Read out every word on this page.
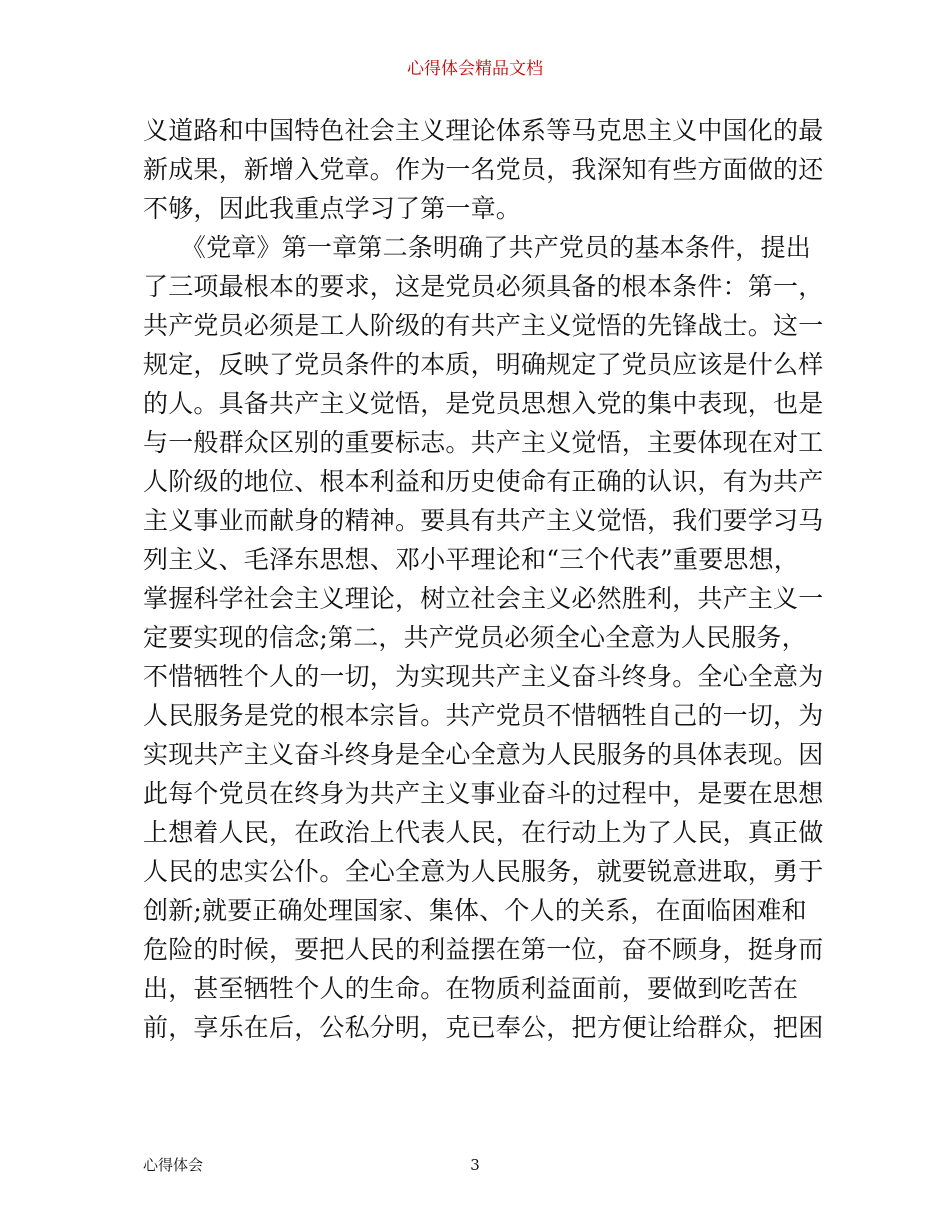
心得体会精品文档
义道路和中国特色社会主义理论体系等马克思主义中国化的最
新成果，新增入党章。作为一名党员，我深知有些方面做的还
不够，因此我重点学习了第一章。
　　《党章》第一章第二条明确了共产党员的基本条件，提出
了三项最根本的要求，这是党员必须具备的根本条件：第一，
共产党员必须是工人阶级的有共产主义觉悟的先锋战士。这一
规定，反映了党员条件的本质，明确规定了党员应该是什么样
的人。具备共产主义觉悟，是党员思想入党的集中表现，也是
与一般群众区别的重要标志。共产主义觉悟，主要体现在对工
人阶级的地位、根本利益和历史使命有正确的认识，有为共产
主义事业而献身的精神。要具有共产主义觉悟，我们要学习马
列主义、毛泽东思想、邓小平理论和“三个代表”重要思想，
掌握科学社会主义理论，树立社会主义必然胜利，共产主义一
定要实现的信念;第二，共产党员必须全心全意为人民服务，
不惜牺牲个人的一切，为实现共产主义奋斗终身。全心全意为
人民服务是党的根本宗旨。共产党员不惜牺牲自己的一切，为
实现共产主义奋斗终身是全心全意为人民服务的具体表现。因
此每个党员在终身为共产主义事业奋斗的过程中，是要在思想
上想着人民，在政治上代表人民，在行动上为了人民，真正做
人民的忠实公仆。全心全意为人民服务，就要锐意进取，勇于
创新;就要正确处理国家、集体、个人的关系，在面临困难和
危险的时候，要把人民的利益摆在第一位，奋不顾身，挺身而
出，甚至牺牲个人的生命。在物质利益面前，要做到吃苦在
前，享乐在后，公私分明，克已奉公，把方便让给群众，把困
心得体会	3
